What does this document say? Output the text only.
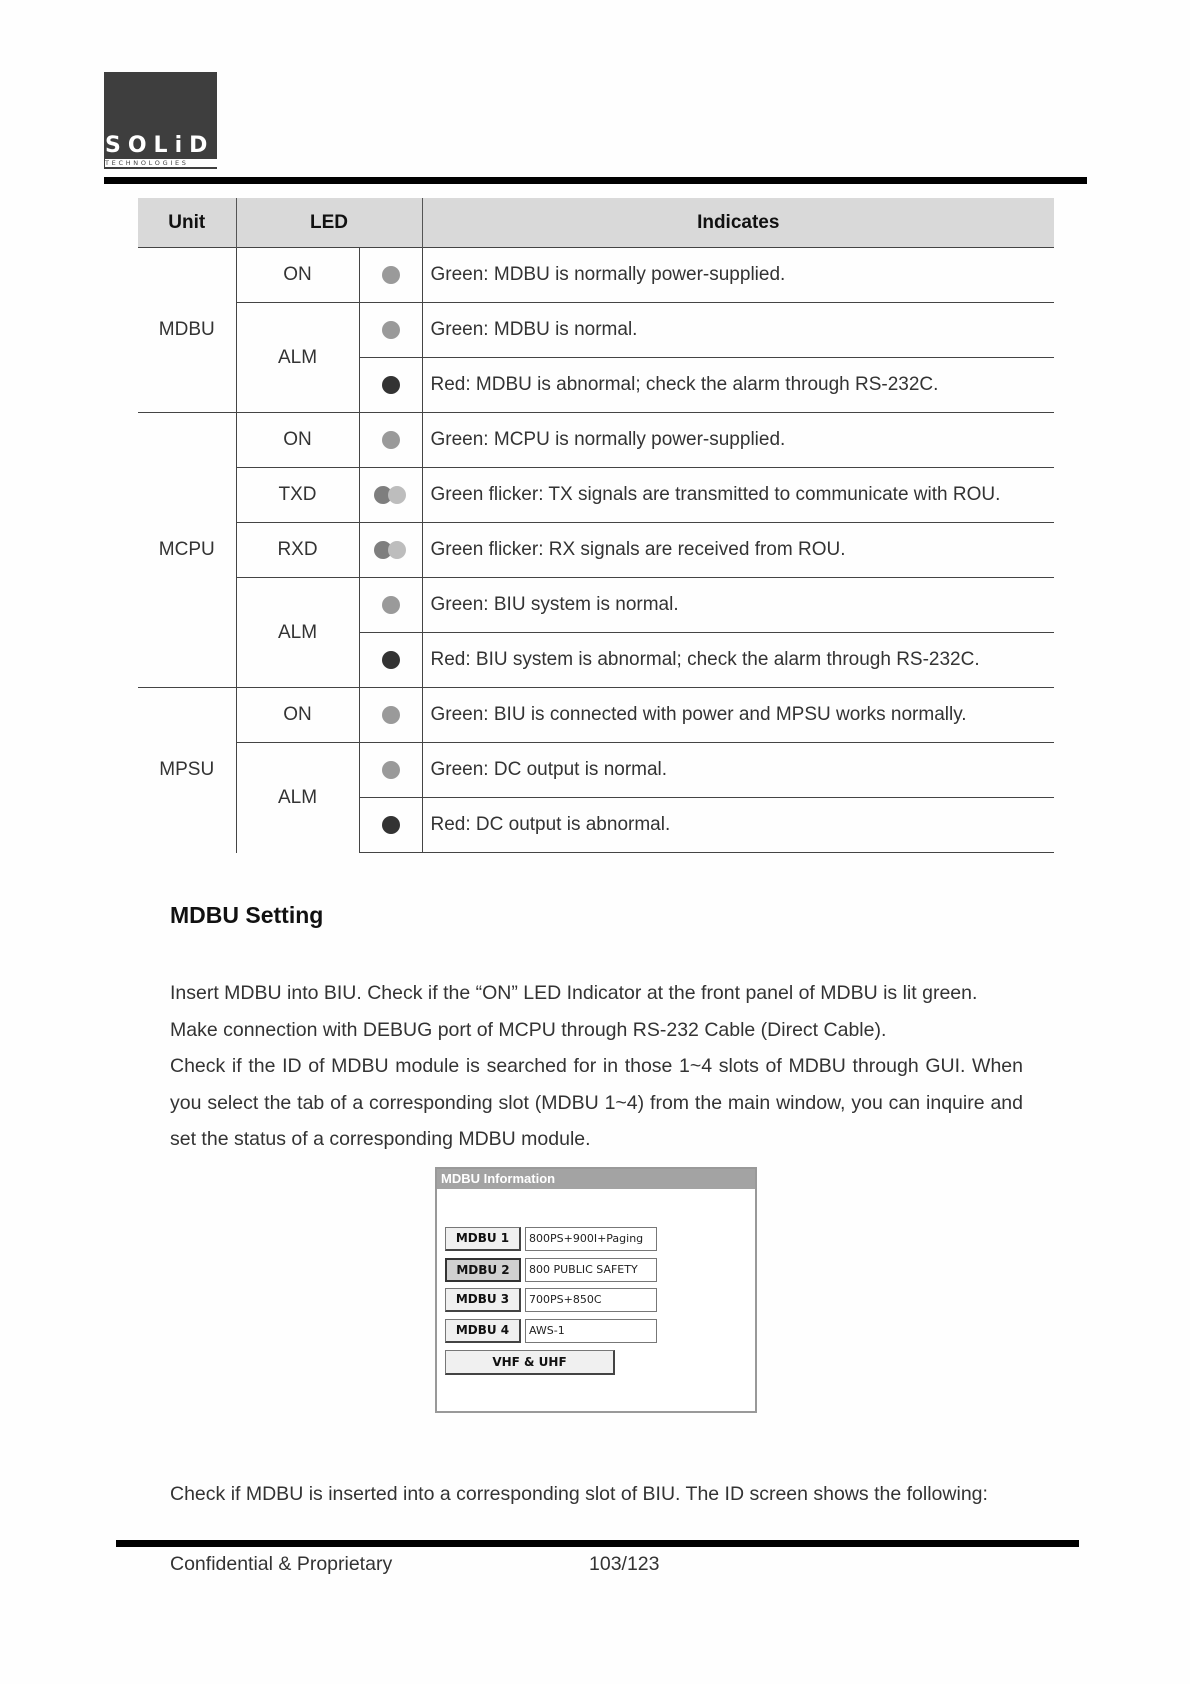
SOLiD
TECHNOLOGIES
Unit	LED		Indicates
MDBU	ON		Green: MDBU is normally power-supplied.
	ALM		Green: MDBU is normal.
			Red: MDBU is abnormal; check the alarm through RS-232C.
MCPU	ON		Green: MCPU is normally power-supplied.
	TXD		Green flicker: TX signals are transmitted to communicate with ROU.
	RXD		Green flicker: RX signals are received from ROU.
	ALM		Green: BIU system is normal.
			Red: BIU system is abnormal; check the alarm through RS-232C.
MPSU	ON		Green: BIU is connected with power and MPSU works normally.
	ALM		Green: DC output is normal.
			Red: DC output is abnormal.
MDBU Setting

Insert MDBU into BIU. Check if the “ON” LED Indicator at the front panel of MDBU is lit green.

Make connection with DEBUG port of MCPU through RS-232 Cable (Direct Cable).

Check if the ID of MDBU module is searched for in those 1~4 slots of MDBU through GUI. When you select the tab of a corresponding slot (MDBU 1~4) from the main window, you can inquire and set the status of a corresponding MDBU module.

MDBU Information
MDBU 1	800PS+900I+Paging
MDBU 2	800 PUBLIC SAFETY
MDBU 3	700PS+850C
MDBU 4	AWS-1
VHF & UHF
Check if MDBU is inserted into a corresponding slot of BIU. The ID screen shows the following:
Confidential & Proprietary	103/123
